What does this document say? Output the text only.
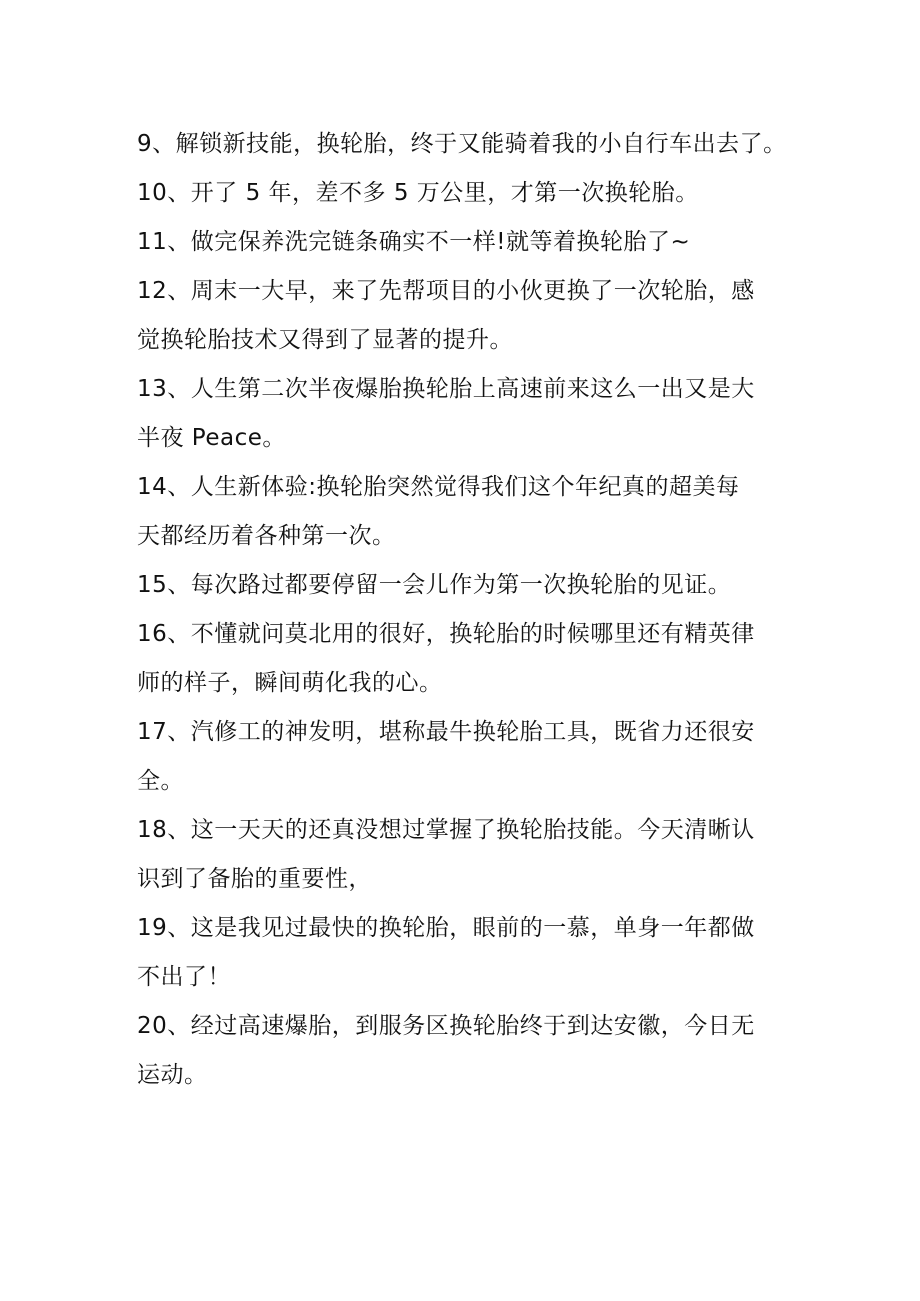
9、解锁新技能，换轮胎，终于又能骑着我的小自行车出去了。
10、开了 5 年，差不多 5 万公里，才第一次换轮胎。
11、做完保养洗完链条确实不一样!就等着换轮胎了~
12、周末一大早，来了先帮项目的小伙更换了一次轮胎，感
觉换轮胎技术又得到了显著的提升。
13、人生第二次半夜爆胎换轮胎上高速前来这么一出又是大
半夜 Peace。
14、人生新体验:换轮胎突然觉得我们这个年纪真的超美每
天都经历着各种第一次。
15、每次路过都要停留一会儿作为第一次换轮胎的见证。
16、不懂就问莫北用的很好，换轮胎的时候哪里还有精英律
师的样子，瞬间萌化我的心。
17、汽修工的神发明，堪称最牛换轮胎工具，既省力还很安
全。
18、这一天天的还真没想过掌握了换轮胎技能。今天清晰认
识到了备胎的重要性，
19、这是我见过最快的换轮胎，眼前的一慕，单身一年都做
不出了！
20、经过高速爆胎，到服务区换轮胎终于到达安徽，今日无
运动。
